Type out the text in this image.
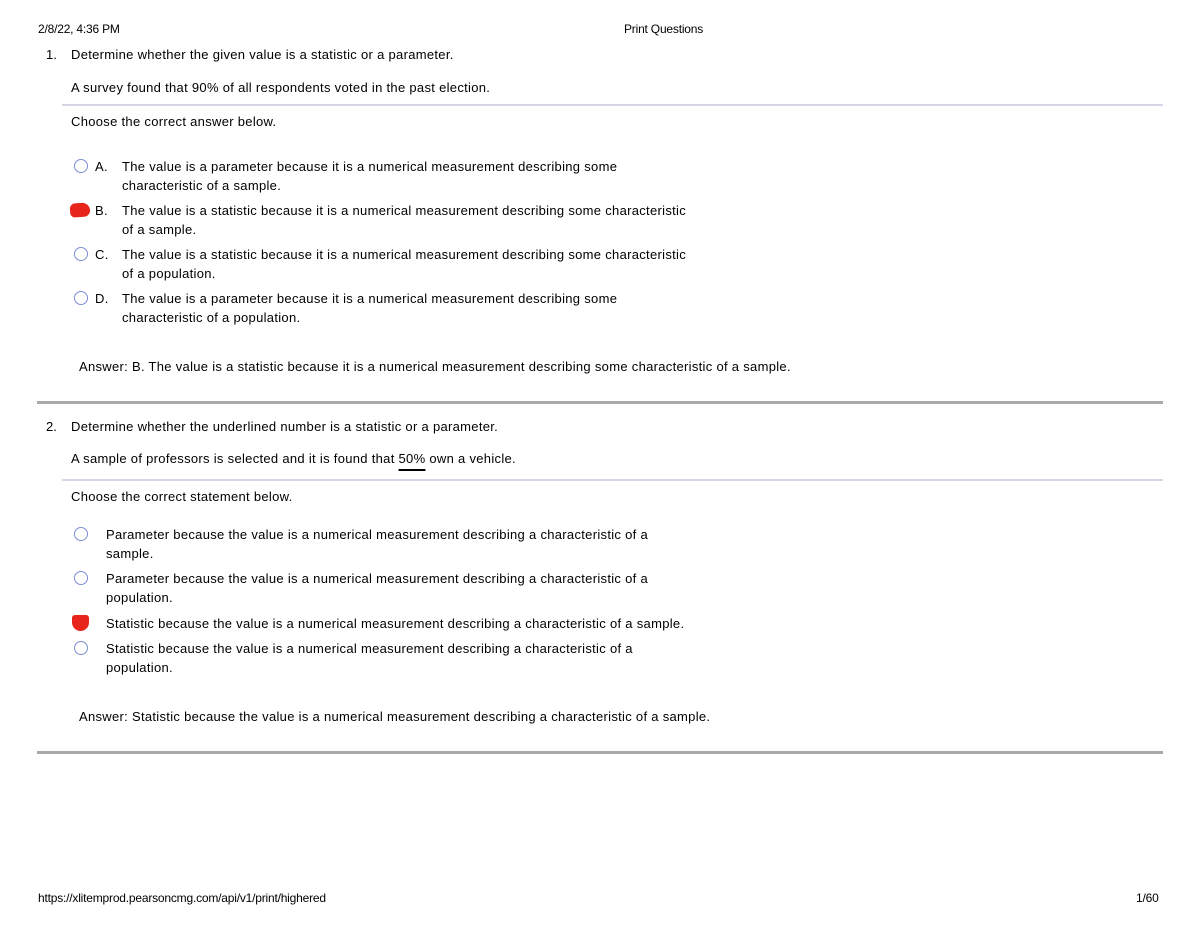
2/8/22, 4:36 PM	Print Questions
1. Determine whether the given value is a statistic or a parameter.
A survey found that 90% of all respondents voted in the past election.
Choose the correct answer below.
A. The value is a parameter because it is a numerical measurement describing some
characteristic of a sample.
B. The value is a statistic because it is a numerical measurement describing some characteristic
of a sample.
C. The value is a statistic because it is a numerical measurement describing some characteristic
of a population.
D. The value is a parameter because it is a numerical measurement describing some
characteristic of a population.
Answer: B. The value is a statistic because it is a numerical measurement describing some characteristic of a sample.
2. Determine whether the underlined number is a statistic or a parameter.
A sample of professors is selected and it is found that 50% own a vehicle.
Choose the correct statement below.
Parameter because the value is a numerical measurement describing a characteristic of a
sample.
Parameter because the value is a numerical measurement describing a characteristic of a
population.
Statistic because the value is a numerical measurement describing a characteristic of a sample.
Statistic because the value is a numerical measurement describing a characteristic of a
population.
Answer: Statistic because the value is a numerical measurement describing a characteristic of a sample.
https://xlitemprod.pearsoncmg.com/api/v1/print/highered	1/60
